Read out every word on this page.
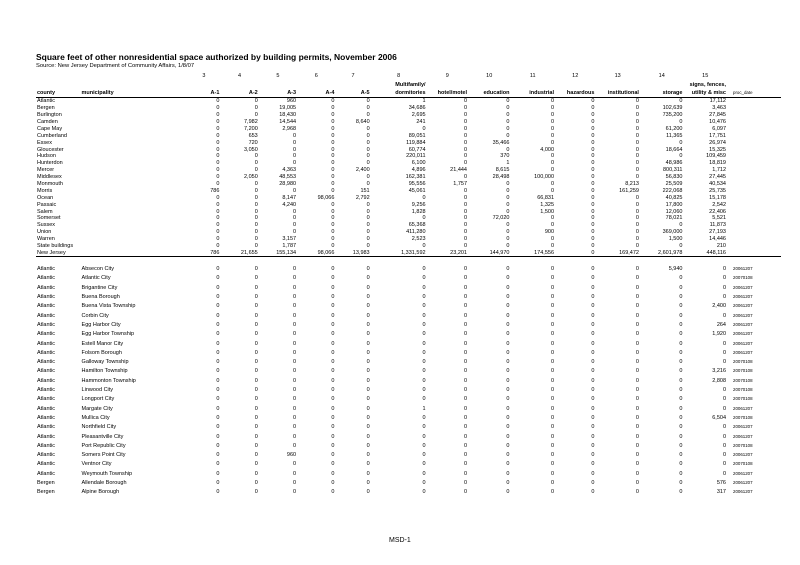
Square feet of other nonresidential space authorized by building permits, November 2006
Source: New Jersey Department of Community Affairs, 1/8/07
		3	4	5	6	7	8	9	10	11	12	13	14	15	
							Multifamily/							signs, fences,	
county	municipality	A-1	A-2	A-3	A-4	A-5	dormitories	hotel/motel	education	industrial	hazardous	institutional	storage	utility & misc	proc_date
Atlantic		0	0	960	0	0	1	0	0	0	0	0	0	17,112	
Bergen		0	0	19,005	0	0	34,686	0	0	0	0	0	102,639	3,463	
Burlington		0	0	18,430	0	0	2,695	0	0	0	0	0	735,200	27,845	
Camden		0	7,982	14,544	0	8,640	241	0	0	0	0	0	0	10,476	
Cape May		0	7,200	2,968	0	0	0	0	0	0	0	0	61,200	6,097	
Cumberland		0	653	0	0	0	89,051	0	0	0	0	0	11,365	17,751	
Essex		0	720	0	0	0	119,884	0	35,466	0	0	0	0	26,974	
Gloucester		0	3,050	0	0	0	60,774	0	0	4,000	0	0	18,664	15,325	
Hudson		0	0	0	0	0	220,011	0	370	0	0	0	0	109,459	
Hunterdon		0	0	0	0	0	6,100	0	1	0	0	0	48,986	18,819	
Mercer		0	0	4,363	0	2,400	4,896	21,444	8,615	0	0	0	800,311	1,712	
Middlesex		0	2,050	48,553	0	0	162,381	0	28,498	100,000	0	0	56,830	27,445	
Monmouth		0	0	28,980	0	0	95,556	1,757	0	0	0	8,213	25,509	40,534	
Morris		786	0	0	0	151	45,061	0	0	0	0	161,259	222,068	25,735	
Ocean		0	0	8,147	98,066	2,792	0	0	0	66,831	0	0	40,825	15,178	
Passaic		0	0	4,240	0	0	9,256	0	0	1,325	0	0	17,800	2,542	
Salem		0	0	0	0	0	1,828	0	0	1,500	0	0	12,060	22,406	
Somerset		0	0	0	0	0	0	0	72,020	0	0	0	78,021	5,521	
Sussex		0	0	0	0	0	65,368	0	0	0	0	0	0	11,873	
Union		0	0	0	0	0	411,280	0	0	900	0	0	369,000	27,193	
Warren		0	0	3,157	0	0	2,523	0	0	0	0	0	1,500	14,446	
State buildings		0	0	1,787	0	0	0	0	0	0	0	0	0	210	
New Jersey		786	21,655	155,134	98,066	13,983	1,331,592	23,201	144,970	174,556	0	169,472	2,601,978	448,116	

Atlantic	Absecon City	0	0	0	0	0	0	0	0	0	0	0	5,940	0	20061207
Atlantic	Atlantic City	0	0	0	0	0	0	0	0	0	0	0	0	0	20070108
Atlantic	Brigantine City	0	0	0	0	0	0	0	0	0	0	0	0	0	20061207
Atlantic	Buena Borough	0	0	0	0	0	0	0	0	0	0	0	0	0	20061207
Atlantic	Buena Vista Township	0	0	0	0	0	0	0	0	0	0	0	0	2,400	20061207
Atlantic	Corbin City	0	0	0	0	0	0	0	0	0	0	0	0	0	20061207
Atlantic	Egg Harbor City	0	0	0	0	0	0	0	0	0	0	0	0	264	20061207
Atlantic	Egg Harbor Township	0	0	0	0	0	0	0	0	0	0	0	0	1,920	20061207
Atlantic	Estell Manor City	0	0	0	0	0	0	0	0	0	0	0	0	0	20061207
Atlantic	Folsom Borough	0	0	0	0	0	0	0	0	0	0	0	0	0	20061207
Atlantic	Galloway Township	0	0	0	0	0	0	0	0	0	0	0	0	0	20070108
Atlantic	Hamilton Township	0	0	0	0	0	0	0	0	0	0	0	0	3,216	20070108
Atlantic	Hammonton Township	0	0	0	0	0	0	0	0	0	0	0	0	2,808	20070108
Atlantic	Linwood City	0	0	0	0	0	0	0	0	0	0	0	0	0	20070108
Atlantic	Longport City	0	0	0	0	0	0	0	0	0	0	0	0	0	20070108
Atlantic	Margate City	0	0	0	0	0	1	0	0	0	0	0	0	0	20061207
Atlantic	Mullica City	0	0	0	0	0	0	0	0	0	0	0	0	6,504	20070108
Atlantic	Northfield City	0	0	0	0	0	0	0	0	0	0	0	0	0	20061207
Atlantic	Pleasantville City	0	0	0	0	0	0	0	0	0	0	0	0	0	20061207
Atlantic	Port Republic City	0	0	0	0	0	0	0	0	0	0	0	0	0	20070108
Atlantic	Somers Point City	0	0	960	0	0	0	0	0	0	0	0	0	0	20061207
Atlantic	Ventnor City	0	0	0	0	0	0	0	0	0	0	0	0	0	20070108
Atlantic	Weymouth Township	0	0	0	0	0	0	0	0	0	0	0	0	0	20061207
Bergen	Allendale Borough	0	0	0	0	0	0	0	0	0	0	0	0	576	20061207
Bergen	Alpine Borough	0	0	0	0	0	0	0	0	0	0	0	0	317	20061207
MSD-1
